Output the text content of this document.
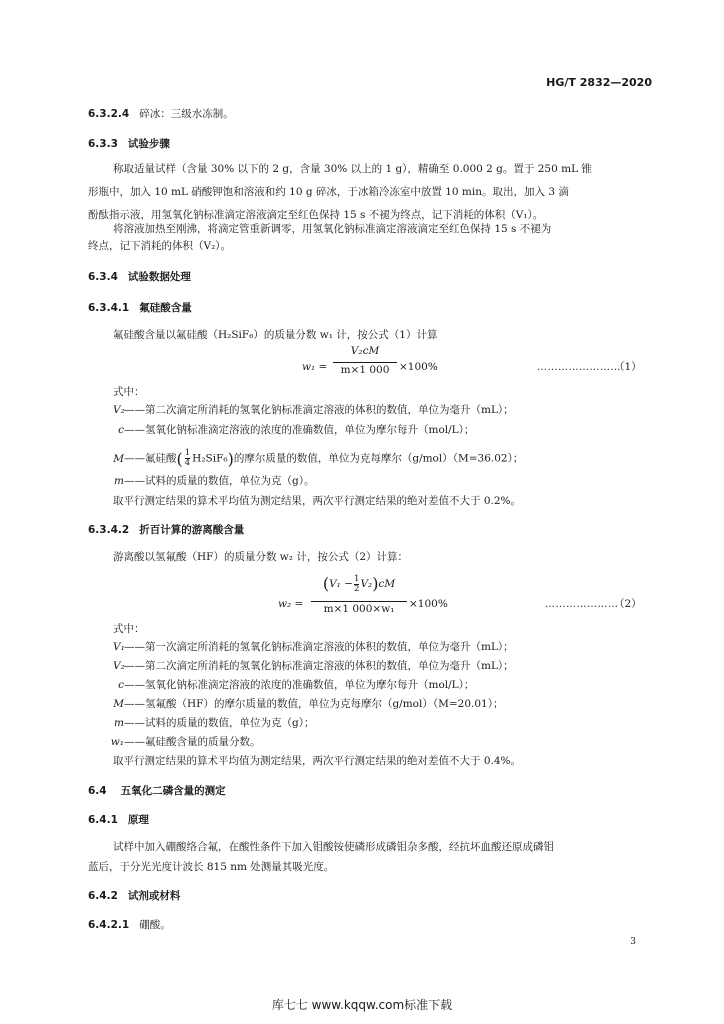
HG/T 2832—2020
6.3.2.4 碎冰：三级水冻制。
6.3.3 试验步骤
称取适量试样（含量 30% 以下的 2 g，含量 30% 以上的 1 g），精确至 0.000 2 g。置于 250 mL 锥
形瓶中，加入 10 mL 硝酸钾饱和溶液和约 10 g 碎冰，于冰箱冷冻室中放置 10 min。取出，加入 3 滴
酚酞指示液，用氢氧化钠标准滴定溶液滴定至红色保持 15 s 不褪为终点，记下消耗的体积（V₁）。
将溶液加热至刚沸，将滴定管重新调零，用氢氧化钠标准滴定溶液滴定至红色保持 15 s 不褪为
终点，记下消耗的体积（V₂）。
6.3.4 试验数据处理
6.3.4.1 氟硅酸含量
氟硅酸含量以氟硅酸（H₂SiF₆）的质量分数 w₁ 计，按公式（1）计算
w₁ =
V₂cM
m×1 000 ×100%	……………………
（1）
式中：
V₂——第二次滴定所消耗的氢氧化钠标准滴定溶液的体积的数值，单位为毫升（mL）；
c——氢氧化钠标准滴定溶液的浓度的准确数值，单位为摩尔每升（mol/L）；
M——氟硅酸( $\frac{1}{4} H_2SiF_6$)的摩尔质量的数值，单位为克每摩尔（g/mol）（M=36.02）；
m——试料的质量的数值，单位为克（g）。
取平行测定结果的算术平均值为测定结果，两次平行测定结果的绝对差值不大于 0.2%。
6.3.4.2 折百计算的游离酸含量
游离酸以氢氟酸（HF）的质量分数 w₂ 计，按公式（2）计算：
w₂ =
$(V_1 - \frac{1}{2} V_2)cM$
m×1 000×w₁	×100%	…………………
（2）
式中：
V₁——第一次滴定所消耗的氢氧化钠标准滴定溶液的体积的数值，单位为毫升（mL）；
V₂——第二次滴定所消耗的氢氧化钠标准滴定溶液的体积的数值，单位为毫升（mL）；
c——氢氧化钠标准滴定溶液的浓度的准确数值，单位为摩尔每升（mol/L）；
M——氢氟酸（HF）的摩尔质量的数值，单位为克每摩尔（g/mol）（M=20.01）；
m——试料的质量的数值，单位为克（g）；
w₁——氟硅酸含量的质量分数。
取平行测定结果的算术平均值为测定结果，两次平行测定结果的绝对差值不大于 0.4%。
6.4 五氧化二磷含量的测定
6.4.1 原理
试样中加入硼酸络合氟，在酸性条件下加入钼酸铵使磷形成磷钼杂多酸，经抗坏血酸还原成磷钼
蓝后，于分光光度计波长 815 nm 处测量其吸光度。
6.4.2 试剂或材料
6.4.2.1 硼酸。
3
库七七 www.kqqw.com标准下载
